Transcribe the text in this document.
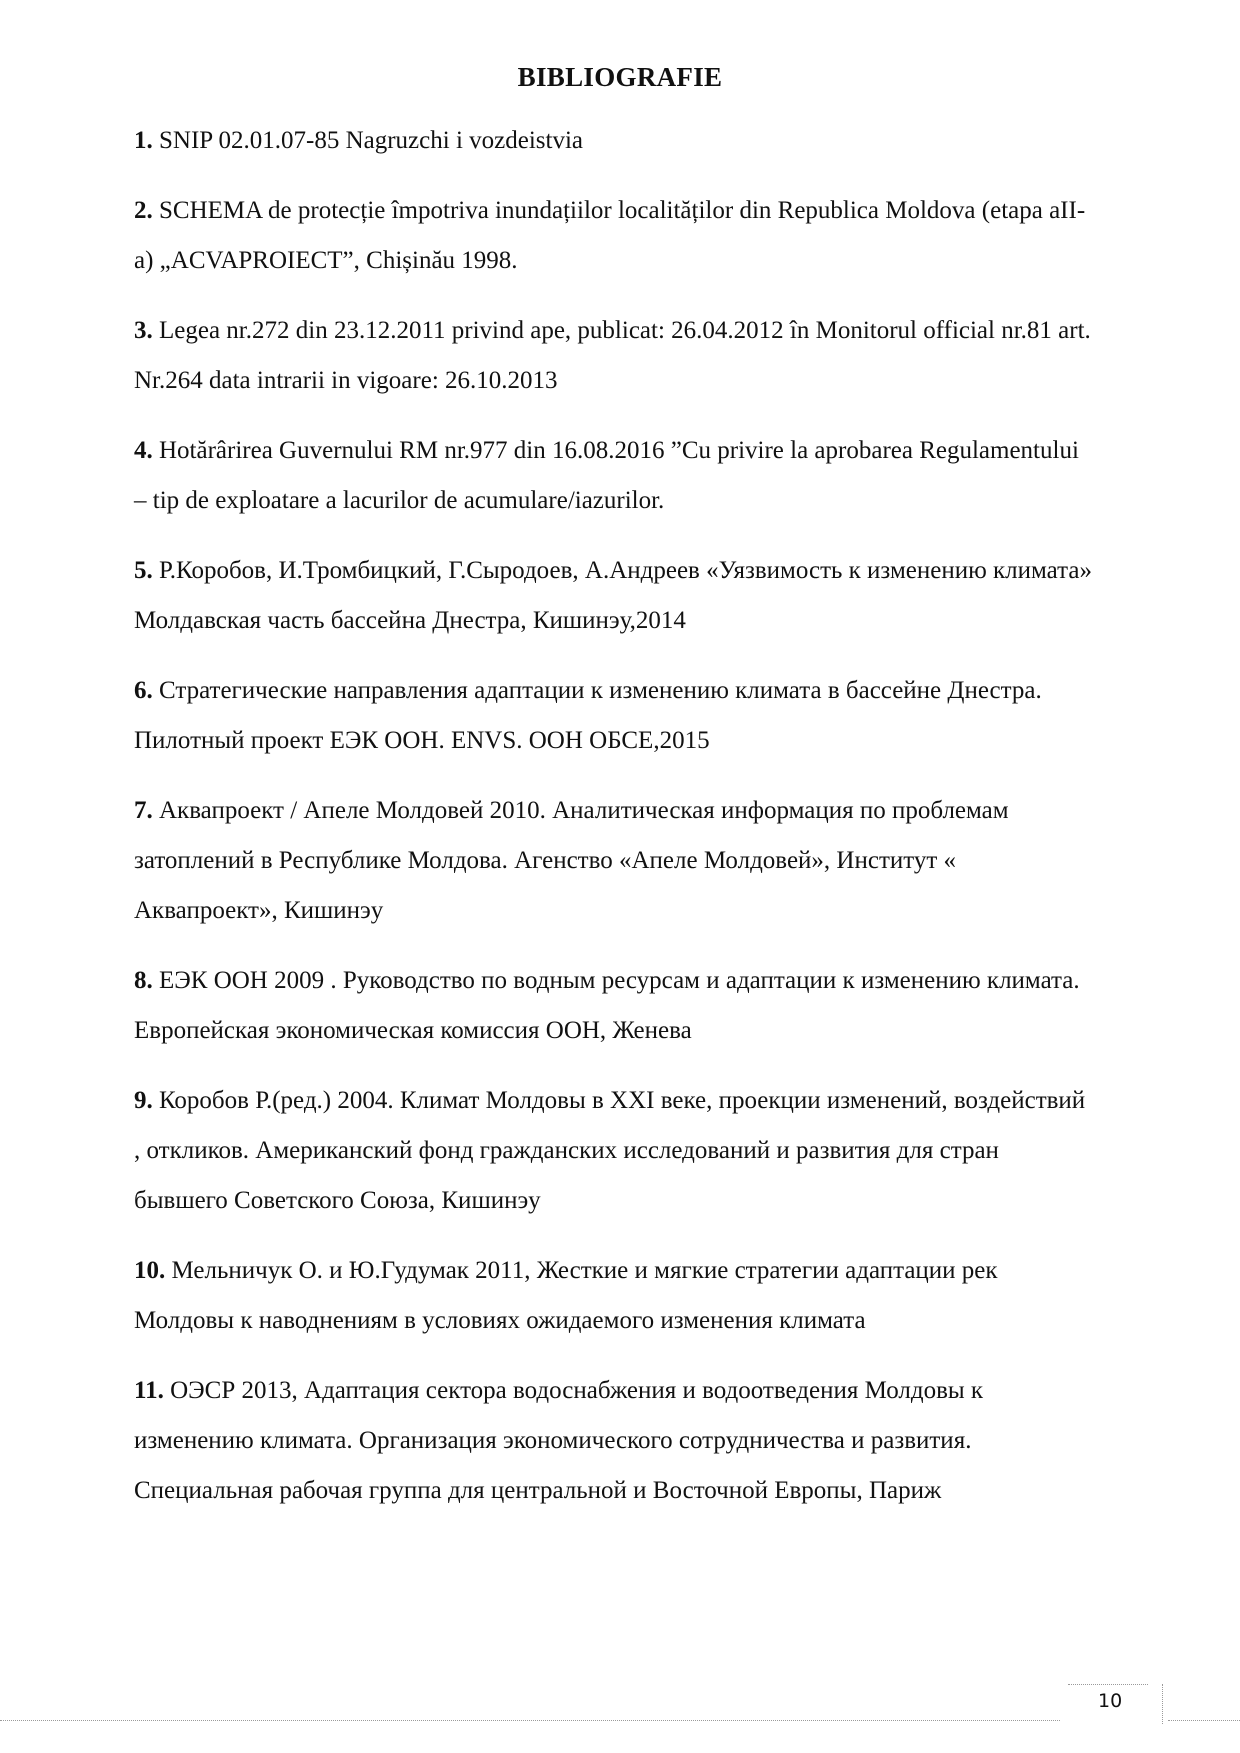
BIBLIOGRAFIE
1. SNIP 02.01.07-85 Nagruzchi i vozdeistvia
2. SCHEMA de protecție împotriva inundațiilor localităților din Republica Moldova (etapa aII-a) „ACVAPROIECT”, Chișinău 1998.
3. Legea nr.272 din 23.12.2011 privind ape, publicat: 26.04.2012 în Monitorul official nr.81 art. Nr.264 data intrarii in vigoare: 26.10.2013
4. Hotărârirea Guvernului RM nr.977 din 16.08.2016 ”Cu privire la aprobarea Regulamentului – tip de exploatare a lacurilor de acumulare/iazurilor.
5. Р.Коробов, И.Тромбицкий, Г.Сыродоев, А.Андреев «Уязвимость к изменению климата» Молдавская часть бассейна Днестра, Кишинэу,2014
6. Стратегические направления адаптации к изменению климата в бассейне Днестра. Пилотный проект ЕЭК ООН. ENVS. ООН ОБСЕ,2015
7. Аквапроект / Апеле Молдовей 2010. Аналитическая информация по проблемам затоплений в Республике Молдова. Агенство «Апеле Молдовей», Институт « Аквапроект», Кишинэу
8. ЕЭК ООН 2009 . Руководство по водным ресурсам и адаптации к изменению климата. Европейская экономическая комиссия ООН, Женева
9. Коробов Р.(ред.) 2004. Климат Молдовы в XXI веке, проекции изменений, воздействий , откликов. Американский фонд гражданских исследований и развития для стран бывшего Советского Союза, Кишинэу
10. Мельничук О. и Ю.Гудумак 2011, Жесткие и мягкие стратегии адаптации рек Молдовы к наводнениям в условиях ожидаемого изменения климата
11. ОЭСР 2013, Адаптация сектора водоснабжения и водоотведения Молдовы к изменению климата. Организация экономического сотрудничества и развития. Специальная рабочая группа для центральной и Восточной Европы, Париж
10
